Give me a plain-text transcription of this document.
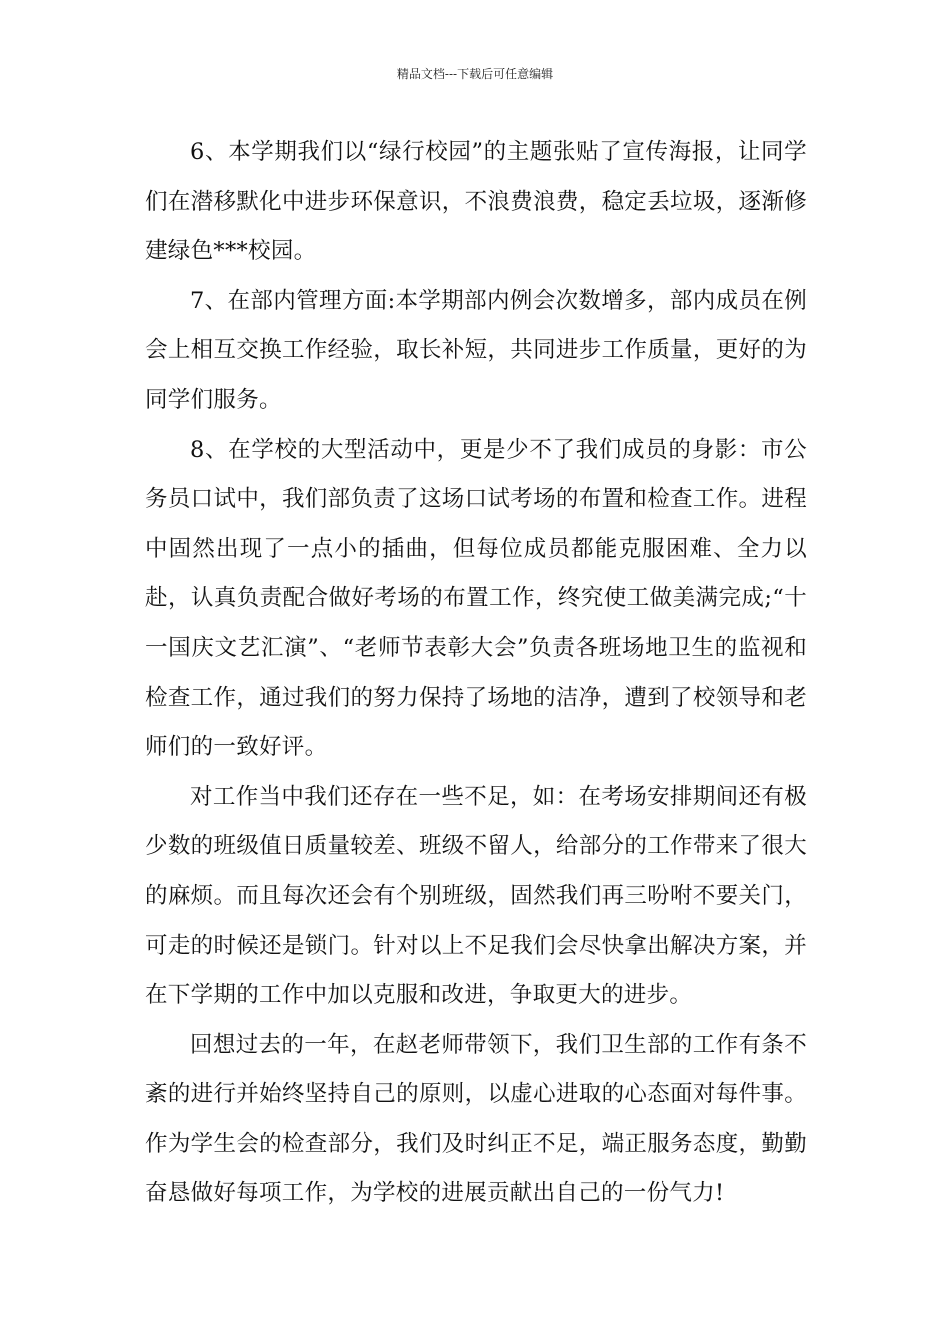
精品文档---下载后可任意编辑

6、本学期我们以“绿行校园”的主题张贴了宣传海报，让同学们在潜移默化中进步环保意识，不浪费浪费，稳定丢垃圾，逐渐修建绿色***校园。

7、在部内管理方面:本学期部内例会次数增多，部内成员在例会上相互交换工作经验，取长补短，共同进步工作质量，更好的为同学们服务。

8、在学校的大型活动中，更是少不了我们成员的身影：市公务员口试中，我们部负责了这场口试考场的布置和检查工作。进程中固然出现了一点小的插曲，但每位成员都能克服困难、全力以赴，认真负责配合做好考场的布置工作，终究使工做美满完成;“十一国庆文艺汇演”、“老师节表彰大会”负责各班场地卫生的监视和检查工作，通过我们的努力保持了场地的洁净，遭到了校领导和老师们的一致好评。

对工作当中我们还存在一些不足，如：在考场安排期间还有极少数的班级值日质量较差、班级不留人，给部分的工作带来了很大的麻烦。而且每次还会有个别班级，固然我们再三吩咐不要关门，可走的时候还是锁门。针对以上不足我们会尽快拿出解决方案，并在下学期的工作中加以克服和改进，争取更大的进步。

回想过去的一年，在赵老师带领下，我们卫生部的工作有条不紊的进行并始终坚持自己的原则，以虚心进取的心态面对每件事。作为学生会的检查部分，我们及时纠正不足，端正服务态度，勤勤奋恳做好每项工作，为学校的进展贡献出自己的一份气力!
